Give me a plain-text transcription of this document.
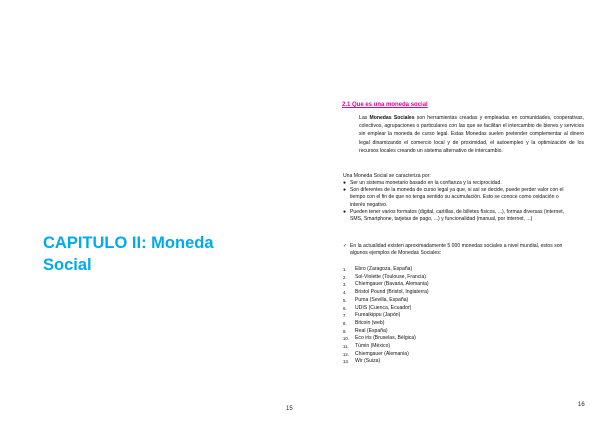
CAPITULO II: Moneda Social
15
2.1 Que es una moneda social
Las Monedas Sociales son herramientas creadas y empleadas en comunidades, cooperativas, colectivos, agrupaciones o particulares con las que se facilitan el intercambio de bienes y servicios sin emplear la moneda de curso legal. Estas Monedas suelen pretender complementar al dinero legal dinamizando el comercio local y de proximidad, el autoempleo y la optimización de los recursos locales creando un sistema alternativo de intercambio.
Una Moneda Social se caracteriza por:
● Ser un sistema monetario basado en la confianza y la reciprocidad.
● Son diferentes de la moneda de curso legal ya que, si así se decide, puede perder valor con el tiempo con el fin de que no tenga sentido su acumulación. Esto se conoce como oxidación o interés negativo.
● Pueden tener varios formatos (digital, cartillas, de billetes físicos, ...), formas diversas (internet, SMS, Smartphone, tarjetas de pago, ...) y funcionalidad (manual, por internet, ...)
✓ En la actualidad existen aproximadamente 5 000 monedas sociales a nivel mundial, estos son algunos ejemplos de Monedas Sociales:
1. Ebro (Zaragoza, España)
2. Sol-Violette (Toulouse, Francia)
3. Chiemgauer (Bavaria, Alemania)
4. Bristol Pound (Bristol, Inglaterra)
5. Puma (Sevilla, España)
6. UDIS (Cuenca, Ecuador)
7. Fureaikippu (Japón)
8. Bitcoin (web)
9. Real (España)
10. Eco iris (Bruselas, Bélgica)
11. Túmin (México)
12. Chiemgauer (Alemania)
13. Wir (Suiza)
16
